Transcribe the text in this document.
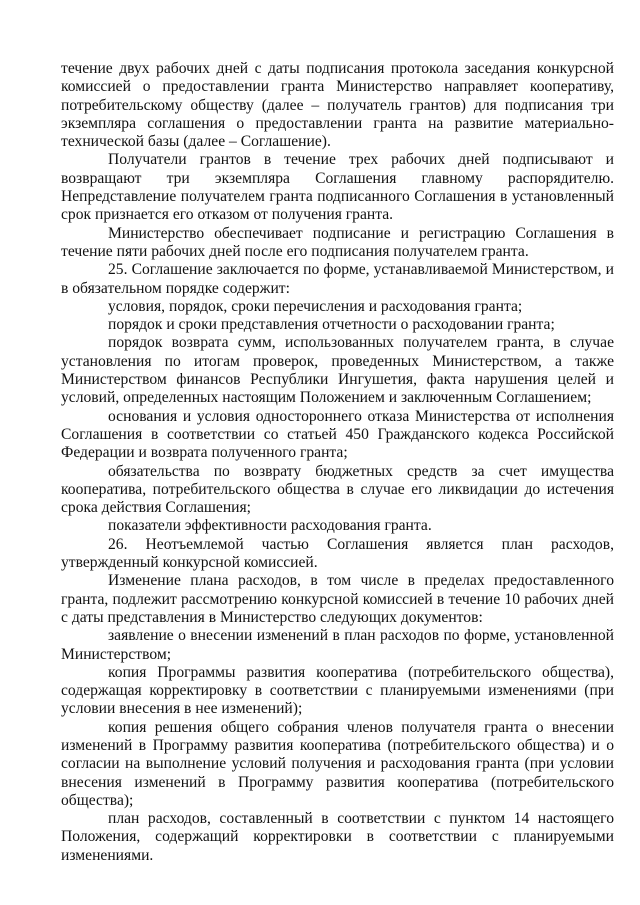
течение двух рабочих дней с даты подписания протокола заседания конкурсной комиссией о предоставлении гранта Министерство направляет кооперативу, потребительскому обществу (далее – получатель грантов) для подписания три экземпляра соглашения о предоставлении гранта на развитие материально-технической базы (далее – Соглашение).

Получатели грантов в течение трех рабочих дней подписывают и возвращают три экземпляра Соглашения главному распорядителю. Непредставление получателем гранта подписанного Соглашения в установленный срок признается его отказом от получения гранта.

Министерство обеспечивает подписание и регистрацию Соглашения в течение пяти рабочих дней после его подписания получателем гранта.

25. Соглашение заключается по форме, устанавливаемой Министерством, и в обязательном порядке содержит:

условия, порядок, сроки перечисления и расходования гранта;

порядок и сроки представления отчетности о расходовании гранта;

порядок возврата сумм, использованных получателем гранта, в случае установления по итогам проверок, проведенных Министерством, а также Министерством финансов Республики Ингушетия, факта нарушения целей и условий, определенных настоящим Положением и заключенным Соглашением;

основания и условия одностороннего отказа Министерства от исполнения Соглашения в соответствии со статьей 450 Гражданского кодекса Российской Федерации и возврата полученного гранта;

обязательства по возврату бюджетных средств за счет имущества кооператива, потребительского общества в случае его ликвидации до истечения срока действия Соглашения;

показатели эффективности расходования гранта.

26. Неотъемлемой частью Соглашения является план расходов, утвержденный конкурсной комиссией.

Изменение плана расходов, в том числе в пределах предоставленного гранта, подлежит рассмотрению конкурсной комиссией в течение 10 рабочих дней с даты представления в Министерство следующих документов:

заявление о внесении изменений в план расходов по форме, установленной Министерством;

копия Программы развития кооператива (потребительского общества), содержащая корректировку в соответствии с планируемыми изменениями (при условии внесения в нее изменений);

копия решения общего собрания членов получателя гранта о внесении изменений в Программу развития кооператива (потребительского общества) и о согласии на выполнение условий получения и расходования гранта (при условии внесения изменений в Программу развития кооператива (потребительского общества);

план расходов, составленный в соответствии с пунктом 14 настоящего Положения, содержащий корректировки в соответствии с планируемыми изменениями.
